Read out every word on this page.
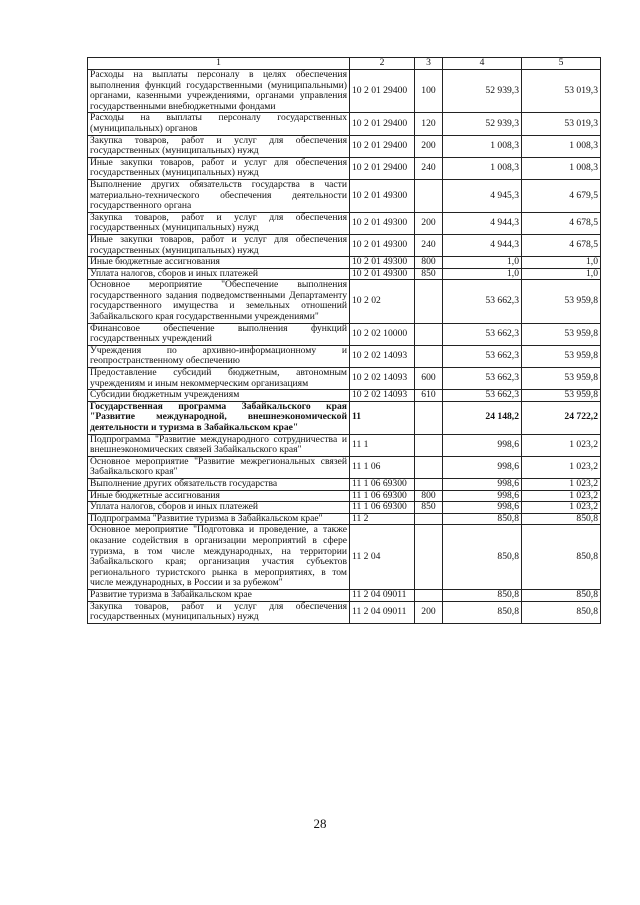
1	2	3	4	5
Расходы на выплаты персоналу в целях обеспечения выполнения функций государственными (муниципальными) органами, казенными учреждениями, органами управления государственными внебюджетными фондами	10 2 01 29400	100	52 939,3	53 019,3
Расходы на выплаты персоналу государственных (муниципальных) органов	10 2 01 29400	120	52 939,3	53 019,3
Закупка товаров, работ и услуг для обеспечения государственных (муниципальных) нужд	10 2 01 29400	200	1 008,3	1 008,3
Иные закупки товаров, работ и услуг для обеспечения государственных (муниципальных) нужд	10 2 01 29400	240	1 008,3	1 008,3
Выполнение других обязательств государства в части материально-технического обеспечения деятельности государственного органа	10 2 01 49300		4 945,3	4 679,5
Закупка товаров, работ и услуг для обеспечения государственных (муниципальных) нужд	10 2 01 49300	200	4 944,3	4 678,5
Иные закупки товаров, работ и услуг для обеспечения государственных (муниципальных) нужд	10 2 01 49300	240	4 944,3	4 678,5
Иные бюджетные ассигнования	10 2 01 49300	800	1,0	1,0
Уплата налогов, сборов и иных платежей	10 2 01 49300	850	1,0	1,0
Основное мероприятие "Обеспечение выполнения государственного задания подведомственными Департаменту государственного имущества и земельных отношений Забайкальского края государственными учреждениями"	10 2 02		53 662,3	53 959,8
Финансовое обеспечение выполнения функций государственных учреждений	10 2 02 10000		53 662,3	53 959,8
Учреждения по архивно-информационному и геопространственному обеспечению	10 2 02 14093		53 662,3	53 959,8
Предоставление субсидий бюджетным, автономным учреждениям и иным некоммерческим организациям	10 2 02 14093	600	53 662,3	53 959,8
Субсидии бюджетным учреждениям	10 2 02 14093	610	53 662,3	53 959,8
Государственная программа Забайкальского края "Развитие международной, внешнеэкономической деятельности и туризма в Забайкальском крае"	11		24 148,2	24 722,2
Подпрограмма "Развитие международного сотрудничества и внешнеэкономических связей Забайкальского края"	11 1		998,6	1 023,2
Основное мероприятие "Развитие межрегиональных связей Забайкальского края"	11 1 06		998,6	1 023,2
Выполнение других обязательств государства	11 1 06 69300		998,6	1 023,2
Иные бюджетные ассигнования	11 1 06 69300	800	998,6	1 023,2
Уплата налогов, сборов и иных платежей	11 1 06 69300	850	998,6	1 023,2
Подпрограмма "Развитие туризма в Забайкальском крае"	11 2		850,8	850,8
Основное мероприятие "Подготовка и проведение, а также оказание содействия в организации мероприятий в сфере туризма, в том числе международных, на территории Забайкальского края; организация участия субъектов регионального туристского рынка в мероприятиях, в том числе международных, в России и за рубежом"	11 2 04		850,8	850,8
Развитие туризма в Забайкальском крае	11 2 04 09011		850,8	850,8
Закупка товаров, работ и услуг для обеспечения государственных (муниципальных) нужд	11 2 04 09011	200	850,8	850,8
28
